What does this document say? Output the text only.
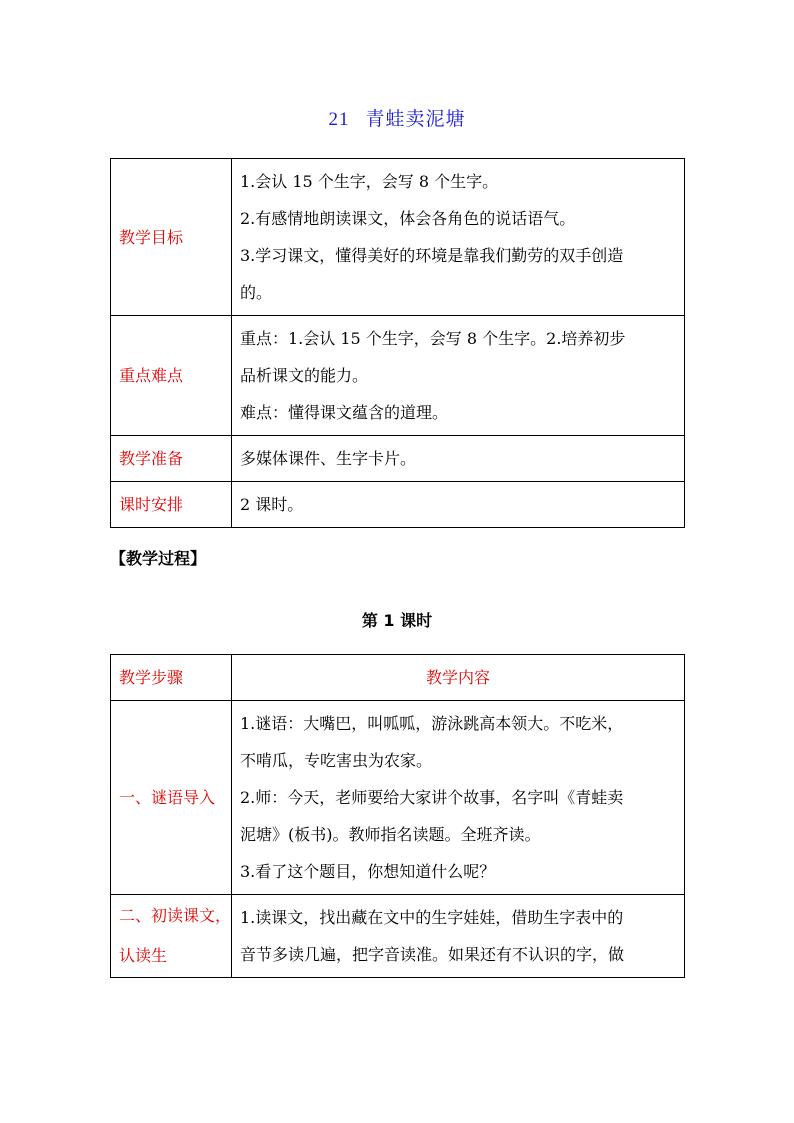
21 青蛙卖泥塘
教学目标	1.会认 15 个生字，会写 8 个生字。

2.有感情地朗读课文，体会各角色的说话语气。

3.学习课文，懂得美好的环境是靠我们勤劳的双手创造

的。

重点难点	重点：1.会认 15 个生字，会写 8 个生字。2.培养初步

品析课文的能力。

难点：懂得课文蕴含的道理。

教学准备	多媒体课件、生字卡片。

课时安排	2 课时。

【教学过程】
第 1 课时
教学步骤	教学内容
一、谜语导入	1.谜语：大嘴巴，叫呱呱，游泳跳高本领大。不吃米，

不啃瓜，专吃害虫为农家。

2.师：今天，老师要给大家讲个故事，名字叫《青蛙卖

泥塘》(板书)。教师指名读题。全班齐读。

3.看了这个题目，你想知道什么呢？

二、初读课文，认读生	1.读课文，找出藏在文中的生字娃娃，借助生字表中的

音节多读几遍，把字音读准。如果还有不认识的字，做
